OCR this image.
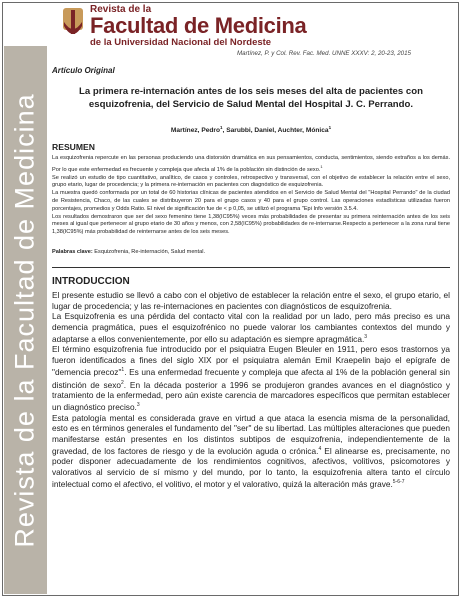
Revista de la Facultad de Medicina
Revista de la
Facultad de Medicina
de la Universidad Nacional del Nordeste
Martínez, P. y Col. Rev. Fac. Med. UNNE XXXV: 2, 20-23, 2015
Artículo Original
La primera re-internación antes de los seis meses del alta de pacientes con esquizofrenia, del Servicio de Salud Mental del Hospital J. C. Perrando.
Martínez, Pedro$^1$, Sarubbi, Daniel, Auchter, Mónica$^1$
RESUMEN

La esquizofrenia repercute en las personas produciendo una distorsión dramática en sus pensamientos, conducta, sentimientos, siendo extraños a los demás. Por lo que este enfermedad es frecuente y compleja que afecta al 1% de la población sin distinción de sexo.$^1$

Se realizó un estudio de tipo cuantitativo, analítico, de casos y controles, retrospectivo y transversal, con el objetivo de establecer la relación entre el sexo, grupo etario, lugar de procedencia; y la primera re-internación en pacientes con diagnóstico de esquizofrenia.

La muestra quedó conformada por un total de 60 historias clínicas de pacientes atendidos en el Servicio de Salud Mental del "Hospital Perrando" de la ciudad de Resistencia, Chaco, de las cuales se distribuyeron 20 para el grupo casos y 40 para el grupo control. Las operaciones estadísticas utilizadas fueron porcentajes, promedios y Odds Ratio. El nivel de significación fue de < p 0,05, se utilizó el programa "Epi Info versión 3.5.4.

Los resultados demostraron que ser del sexo femenino tiene 1,38(IC95%) veces más probabilidades de presentar su primera reinternación antes de los seis meses al igual que pertenecer al grupo etario de 30 años y menos, con 2,58(IC95%) probabilidades de re-internarse.Respecto a pertenecer a la zona rural tiene 1,38(IC95%) más probabilidad de reinternarse antes de los seis meses.

Palabras clave: Esquizofrenia, Re-internación, Salud mental.
INTRODUCCION

El presente estudio se llevó a cabo con el objetivo de establecer la relación entre el sexo, el grupo etario, el lugar de procedencia; y las re-internaciones en pacientes con diagnósticos de esquizofrenia.

La Esquizofrenia es una pérdida del contacto vital con la realidad por un lado, pero más preciso es una demencia pragmática, pues el esquizofrénico no puede valorar los cambiantes contextos del mundo y adaptarse a ellos convenientemente, por ello su adaptación es siempre apragmática.$^3$

El término esquizofrenia fue introducido por el psiquiatra Eugen Bleuler en 1911, pero esos trastornos ya fueron identificados a fines del siglo XIX por el psiquiatra alemán Emil Kraepelin bajo el epígrafe de "demencia precoz"$^1$. Es una enfermedad frecuente y compleja que afecta al 1% de la población general sin distinción de sexo$^2$. En la década posterior a 1996 se produjeron grandes avances en el diagnóstico y tratamiento de la enfermedad, pero aún existe carencia de marcadores específicos que permitan establecer un diagnóstico preciso.$^3$

Esta patología mental es considerada grave en virtud a que ataca la esencia misma de la personalidad, esto es en términos generales el fundamento del "ser" de su libertad. Las múltiples alteraciones que pueden manifestarse están presentes en los distintos subtipos de esquizofrenia, independientemente de la gravedad, de los factores de riesgo y de la evolución aguda o crónica.$^4$ El alinearse es, precisamente, no poder disponer adecuadamente de los rendimientos cognitivos, afectivos, volitivos, psicomotores y valorativos al servicio de sí mismo y del mundo, por lo tanto, la esquizofrenia altera tanto el círculo intelectual como el afectivo, el volitivo, el motor y el valorativo, quizá la alteración más grave.$^{5-6-7}$
